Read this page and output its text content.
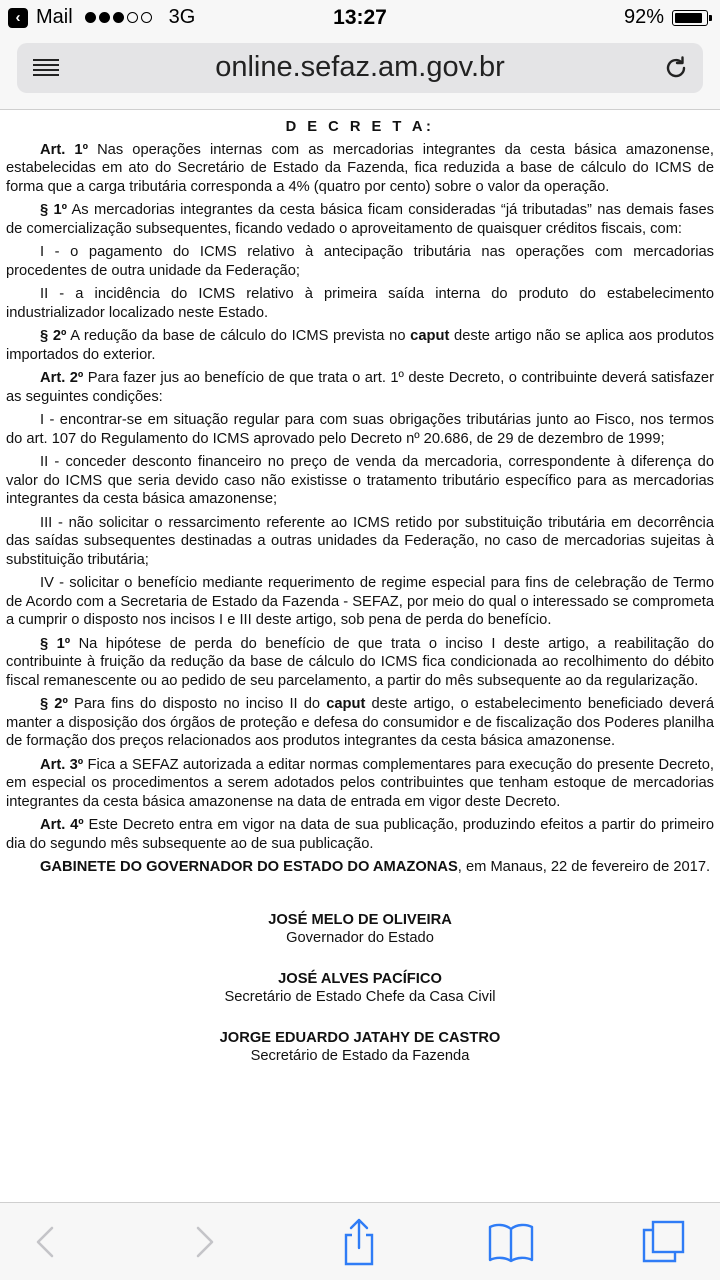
‹ Mail	3G	13:27	92%
online.sefaz.am.gov.br

D E C R E T A:

Art. 1º Nas operações internas com as mercadorias integrantes da cesta básica amazonense, estabelecidas em ato do Secretário de Estado da Fazenda, fica reduzida a base de cálculo do ICMS de forma que a carga tributária corresponda a 4% (quatro por cento) sobre o valor da operação.

§ 1º As mercadorias integrantes da cesta básica ficam consideradas “já tributadas” nas demais fases de comercialização subsequentes, ficando vedado o aproveitamento de quaisquer créditos fiscais, com:

I - o pagamento do ICMS relativo à antecipação tributária nas operações com mercadorias procedentes de outra unidade da Federação;

II - a incidência do ICMS relativo à primeira saída interna do produto do estabelecimento industrializador localizado neste Estado.

§ 2º A redução da base de cálculo do ICMS prevista no caput deste artigo não se aplica aos produtos importados do exterior.

Art. 2º Para fazer jus ao benefício de que trata o art. 1º deste Decreto, o contribuinte deverá satisfazer as seguintes condições:

I - encontrar-se em situação regular para com suas obrigações tributárias junto ao Fisco, nos termos do art. 107 do Regulamento do ICMS aprovado pelo Decreto nº 20.686, de 29 de dezembro de 1999;

II - conceder desconto financeiro no preço de venda da mercadoria, correspondente à diferença do valor do ICMS que seria devido caso não existisse o tratamento tributário específico para as mercadorias integrantes da cesta básica amazonense;

III - não solicitar o ressarcimento referente ao ICMS retido por substituição tributária em decorrência das saídas subsequentes destinadas a outras unidades da Federação, no caso de mercadorias sujeitas à substituição tributária;

IV - solicitar o benefício mediante requerimento de regime especial para fins de celebração de Termo de Acordo com a Secretaria de Estado da Fazenda - SEFAZ, por meio do qual o interessado se comprometa a cumprir o disposto nos incisos I e III deste artigo, sob pena de perda do benefício.

§ 1º Na hipótese de perda do benefício de que trata o inciso I deste artigo, a reabilitação do contribuinte à fruição da redução da base de cálculo do ICMS fica condicionada ao recolhimento do débito fiscal remanescente ou ao pedido de seu parcelamento, a partir do mês subsequente ao da regularização.

§ 2º Para fins do disposto no inciso II do caput deste artigo, o estabelecimento beneficiado deverá manter a disposição dos órgãos de proteção e defesa do consumidor e de fiscalização dos Poderes planilha de formação dos preços relacionados aos produtos integrantes da cesta básica amazonense.

Art. 3º Fica a SEFAZ autorizada a editar normas complementares para execução do presente Decreto, em especial os procedimentos a serem adotados pelos contribuintes que tenham estoque de mercadorias integrantes da cesta básica amazonense na data de entrada em vigor deste Decreto.

Art. 4º Este Decreto entra em vigor na data de sua publicação, produzindo efeitos a partir do primeiro dia do segundo mês subsequente ao de sua publicação.

GABINETE DO GOVERNADOR DO ESTADO DO AMAZONAS, em Manaus, 22 de fevereiro de 2017.

JOSÉ MELO DE OLIVEIRA

Governador do Estado

JOSÉ ALVES PACÍFICO

Secretário de Estado Chefe da Casa Civil

JORGE EDUARDO JATAHY DE CASTRO

Secretário de Estado da Fazenda
